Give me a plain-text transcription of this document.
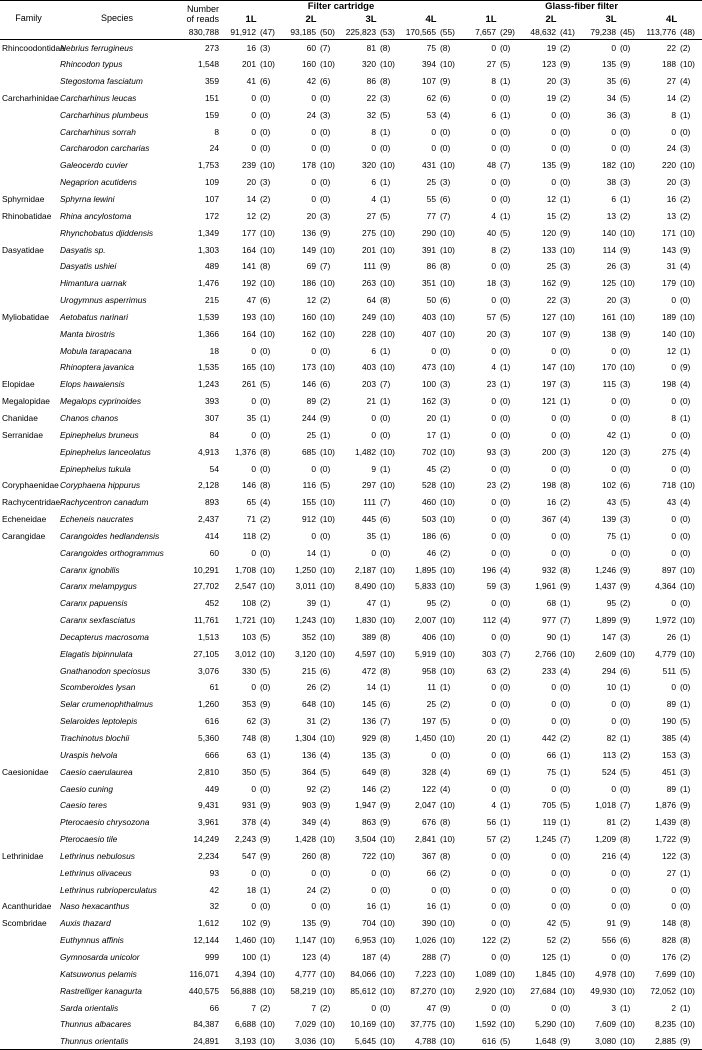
Family	Species	Number of reads	Filter cartridge								Glass-fiber filter							
			1L		2L		3L		4L		1L		2L		3L		4L	
		830,788	91,912	(47)	93,185	(50)	225,823	(53)	170,565	(55)	7,657	(29)	48,632	(41)	79,238	(45)	113,776	(48)
Rhincoodontidae	Nebrius ferrugineus	273	16	(3)	60	(7)	81	(8)	75	(8)	0	(0)	19	(2)	0	(0)	22	(2)
	Rhincodon typus	1,548	201	(10)	160	(10)	320	(10)	394	(10)	27	(5)	123	(9)	135	(9)	188	(10)
	Stegostoma fasciatum	359	41	(6)	42	(6)	86	(8)	107	(9)	8	(1)	20	(3)	35	(6)	27	(4)
Carcharhinidae	Carcharhinus leucas	151	0	(0)	0	(0)	22	(3)	62	(6)	0	(0)	19	(2)	34	(5)	14	(2)
	Carcharhinus plumbeus	159	0	(0)	24	(3)	32	(5)	53	(4)	6	(1)	0	(0)	36	(3)	8	(1)
	Carcharhinus sorrah	8	0	(0)	0	(0)	8	(1)	0	(0)	0	(0)	0	(0)	0	(0)	0	(0)
	Carcharodon carcharias	24	0	(0)	0	(0)	0	(0)	0	(0)	0	(0)	0	(0)	0	(0)	24	(3)
	Galeocerdo cuvier	1,753	239	(10)	178	(10)	320	(10)	431	(10)	48	(7)	135	(9)	182	(10)	220	(10)
	Negaprion acutidens	109	20	(3)	0	(0)	6	(1)	25	(3)	0	(0)	0	(0)	38	(3)	20	(3)
Sphyrnidae	Sphyrna lewini	107	14	(2)	0	(0)	4	(1)	55	(6)	0	(0)	12	(1)	6	(1)	16	(2)
Rhinobatidae	Rhina ancylostoma	172	12	(2)	20	(3)	27	(5)	77	(7)	4	(1)	15	(2)	13	(2)	13	(2)
	Rhynchobatus djiddensis	1,349	177	(10)	136	(9)	275	(10)	290	(10)	40	(5)	120	(9)	140	(10)	171	(10)
Dasyatidae	Dasyatis sp.	1,303	164	(10)	149	(10)	201	(10)	391	(10)	8	(2)	133	(10)	114	(9)	143	(9)
	Dasyatis ushiei	489	141	(8)	69	(7)	111	(9)	86	(8)	0	(0)	25	(3)	26	(3)	31	(4)
	Himantura uarnak	1,476	192	(10)	186	(10)	263	(10)	351	(10)	18	(3)	162	(9)	125	(10)	179	(10)
	Urogymnus asperrimus	215	47	(6)	12	(2)	64	(8)	50	(6)	0	(0)	22	(3)	20	(3)	0	(0)
Myliobatidae	Aetobatus narinari	1,539	193	(10)	160	(10)	249	(10)	403	(10)	57	(5)	127	(10)	161	(10)	189	(10)
	Manta birostris	1,366	164	(10)	162	(10)	228	(10)	407	(10)	20	(3)	107	(9)	138	(9)	140	(10)
	Mobula tarapacana	18	0	(0)	0	(0)	6	(1)	0	(0)	0	(0)	0	(0)	0	(0)	12	(1)
	Rhinoptera javanica	1,535	165	(10)	173	(10)	403	(10)	473	(10)	4	(1)	147	(10)	170	(10)	0	(9)
Elopidae	Elops hawaiensis	1,243	261	(5)	146	(6)	203	(7)	100	(3)	23	(1)	197	(3)	115	(3)	198	(4)
Megalopidae	Megalops cyprinoides	393	0	(0)	89	(2)	21	(1)	162	(3)	0	(0)	121	(1)	0	(0)	0	(0)
Chanidae	Chanos chanos	307	35	(1)	244	(9)	0	(0)	20	(1)	0	(0)	0	(0)	0	(0)	8	(1)
Serranidae	Epinephelus bruneus	84	0	(0)	25	(1)	0	(0)	17	(1)	0	(0)	0	(0)	42	(1)	0	(0)
	Epinephelus lanceolatus	4,913	1,376	(8)	685	(10)	1,482	(10)	702	(10)	93	(3)	200	(3)	120	(3)	275	(4)
	Epinephelus tukula	54	0	(0)	0	(0)	9	(1)	45	(2)	0	(0)	0	(0)	0	(0)	0	(0)
Coryphaenidae	Coryphaena hippurus	2,128	146	(8)	116	(5)	297	(10)	528	(10)	23	(2)	198	(8)	102	(6)	718	(10)
Rachycentridae	Rachycentron canadum	893	65	(4)	155	(10)	111	(7)	460	(10)	0	(0)	16	(2)	43	(5)	43	(4)
Echeneidae	Echeneis naucrates	2,437	71	(2)	912	(10)	445	(6)	503	(10)	0	(0)	367	(4)	139	(3)	0	(0)
Carangidae	Carangoides hedlandensis	414	118	(2)	0	(0)	35	(1)	186	(6)	0	(0)	0	(0)	75	(1)	0	(0)
	Carangoides orthogrammus	60	0	(0)	14	(1)	0	(0)	46	(2)	0	(0)	0	(0)	0	(0)	0	(0)
	Caranx ignobilis	10,291	1,708	(10)	1,250	(10)	2,187	(10)	1,895	(10)	196	(4)	932	(8)	1,246	(9)	897	(10)
	Caranx melampygus	27,702	2,547	(10)	3,011	(10)	8,490	(10)	5,833	(10)	59	(3)	1,961	(9)	1,437	(9)	4,364	(10)
	Caranx papuensis	452	108	(2)	39	(1)	47	(1)	95	(2)	0	(0)	68	(1)	95	(2)	0	(0)
	Caranx sexfasciatus	11,761	1,721	(10)	1,243	(10)	1,830	(10)	2,007	(10)	112	(4)	977	(7)	1,899	(9)	1,972	(10)
	Decapterus macrosoma	1,513	103	(5)	352	(10)	389	(8)	406	(10)	0	(0)	90	(1)	147	(3)	26	(1)
	Elagatis bipinnulata	27,105	3,012	(10)	3,120	(10)	4,597	(10)	5,919	(10)	303	(7)	2,766	(10)	2,609	(10)	4,779	(10)
	Gnathanodon speciosus	3,076	330	(5)	215	(6)	472	(8)	958	(10)	63	(2)	233	(4)	294	(6)	511	(5)
	Scomberoides lysan	61	0	(0)	26	(2)	14	(1)	11	(1)	0	(0)	0	(0)	10	(1)	0	(0)
	Selar crumenophthalmus	1,260	353	(9)	648	(10)	145	(6)	25	(2)	0	(0)	0	(0)	0	(0)	89	(1)
	Selaroides leptolepis	616	62	(3)	31	(2)	136	(7)	197	(5)	0	(0)	0	(0)	0	(0)	190	(5)
	Trachinotus blochii	5,360	748	(8)	1,304	(10)	929	(8)	1,450	(10)	20	(1)	442	(2)	82	(1)	385	(4)
	Uraspis helvola	666	63	(1)	136	(4)	135	(3)	0	(0)	0	(0)	66	(1)	113	(2)	153	(3)
Caesionidae	Caesio caerulaurea	2,810	350	(5)	364	(5)	649	(8)	328	(4)	69	(1)	75	(1)	524	(5)	451	(3)
	Caesio cuning	449	0	(0)	92	(2)	146	(2)	122	(4)	0	(0)	0	(0)	0	(0)	89	(1)
	Caesio teres	9,431	931	(9)	903	(9)	1,947	(9)	2,047	(10)	4	(1)	705	(5)	1,018	(7)	1,876	(9)
	Pterocaesio chrysozona	3,961	378	(4)	349	(4)	863	(9)	676	(8)	56	(1)	119	(1)	81	(2)	1,439	(8)
	Pterocaesio tile	14,249	2,243	(9)	1,428	(10)	3,504	(10)	2,841	(10)	57	(2)	1,245	(7)	1,209	(8)	1,722	(9)
Lethrinidae	Lethrinus nebulosus	2,234	547	(9)	260	(8)	722	(10)	367	(8)	0	(0)	0	(0)	216	(4)	122	(3)
	Lethrinus olivaceus	93	0	(0)	0	(0)	0	(0)	66	(2)	0	(0)	0	(0)	0	(0)	27	(1)
	Lethrinus rubrioperculatus	42	18	(1)	24	(2)	0	(0)	0	(0)	0	(0)	0	(0)	0	(0)	0	(0)
Acanthuridae	Naso hexacanthus	32	0	(0)	0	(0)	16	(1)	16	(1)	0	(0)	0	(0)	0	(0)	0	(0)
Scombridae	Auxis thazard	1,612	102	(9)	135	(9)	704	(10)	390	(10)	0	(0)	42	(5)	91	(9)	148	(8)
	Euthynnus affinis	12,144	1,460	(10)	1,147	(10)	6,953	(10)	1,026	(10)	122	(2)	52	(2)	556	(6)	828	(8)
	Gymnosarda unicolor	999	100	(1)	123	(4)	187	(4)	288	(7)	0	(0)	125	(1)	0	(0)	176	(2)
	Katsuwonus pelamis	116,071	4,394	(10)	4,777	(10)	84,066	(10)	7,223	(10)	1,089	(10)	1,845	(10)	4,978	(10)	7,699	(10)
	Rastrelliger kanagurta	440,575	56,888	(10)	58,219	(10)	85,612	(10)	87,270	(10)	2,920	(10)	27,684	(10)	49,930	(10)	72,052	(10)
	Sarda orientalis	66	7	(2)	7	(2)	0	(0)	47	(9)	0	(0)	0	(0)	3	(1)	2	(1)
	Thunnus albacares	84,387	6,688	(10)	7,029	(10)	10,169	(10)	37,775	(10)	1,592	(10)	5,290	(10)	7,609	(10)	8,235	(10)
	Thunnus orientalis	24,891	3,193	(10)	3,036	(10)	5,645	(10)	4,788	(10)	616	(5)	1,648	(9)	3,080	(10)	2,885	(9)
